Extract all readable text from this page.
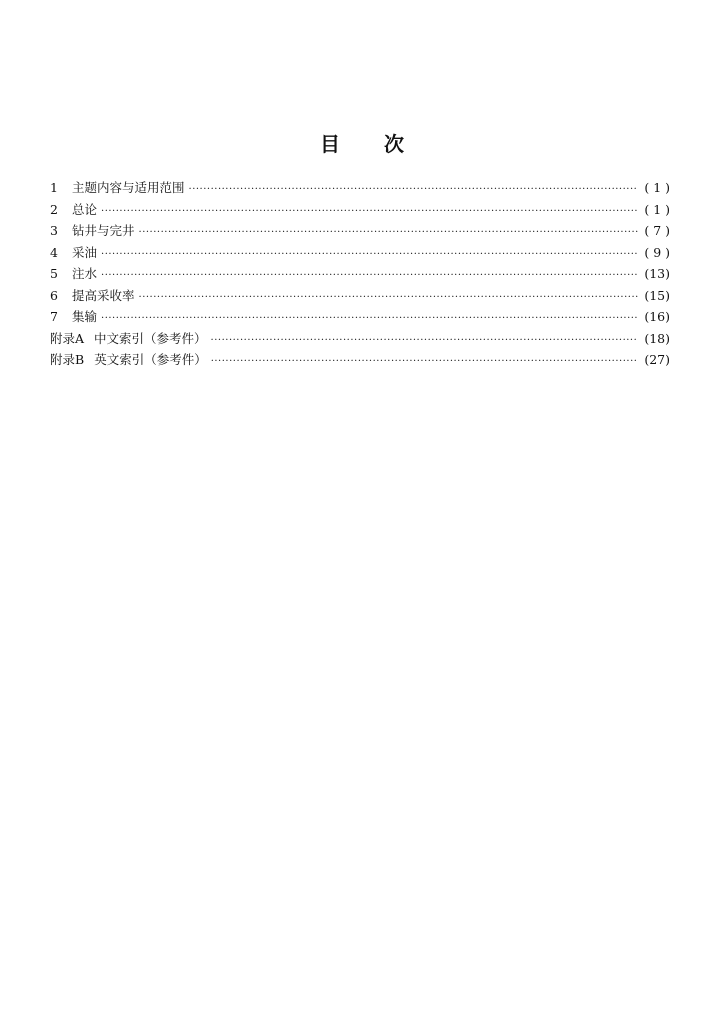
目 次
1	主题内容与适用范围 ·····	( 1 )
2	总论 ·····	( 1 )
3	钻井与完井 ·····	( 7 )
4	采油 ·····	( 9 )
5	注水 ·····	(13)
6	提高采收率 ·····	(15)
7	集输 ·····	(16)
附录A 中文索引（参考件） ·····	(18)
附录B 英文索引（参考件） ·····	(27)
